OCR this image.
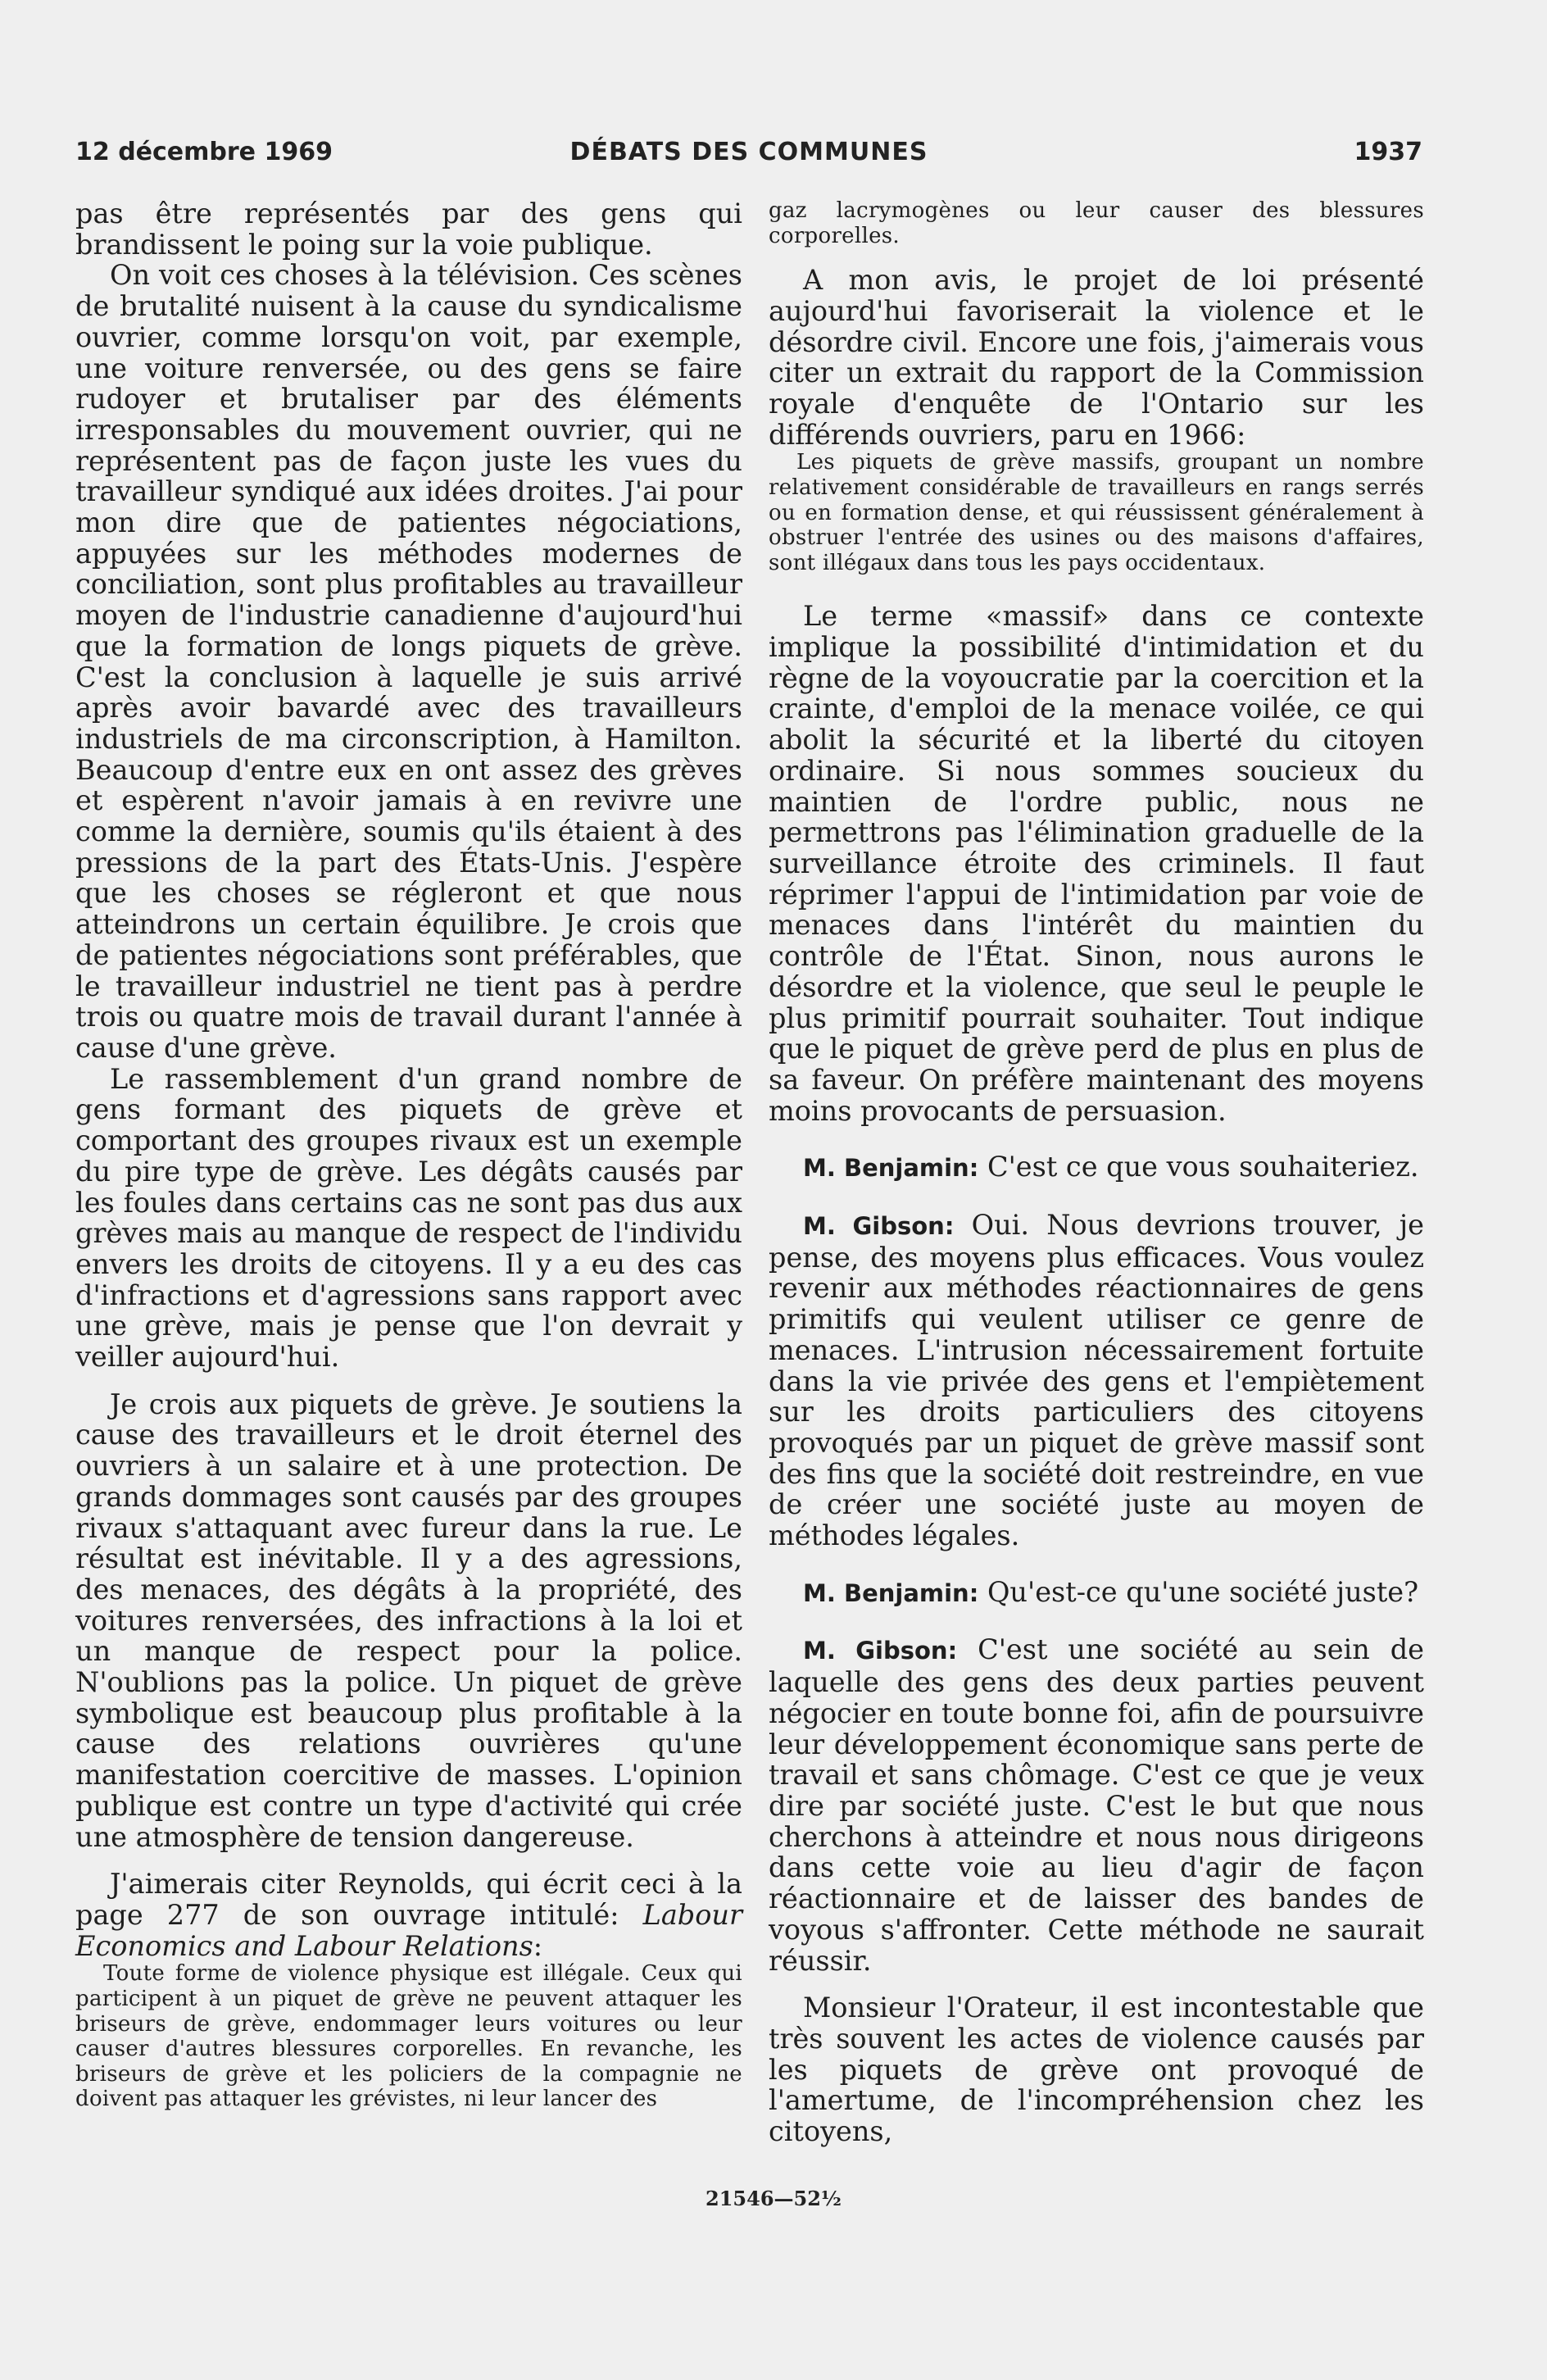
12 décembre 1969	DÉBATS DES COMMUNES	1937

pas être représentés par des gens qui brandissent le poing sur la voie publique.

On voit ces choses à la télévision. Ces scènes de brutalité nuisent à la cause du syndicalisme ouvrier, comme lorsqu'on voit, par exemple, une voiture renversée, ou des gens se faire rudoyer et brutaliser par des éléments irresponsables du mouvement ouvrier, qui ne représentent pas de façon juste les vues du travailleur syndiqué aux idées droites. J'ai pour mon dire que de patientes négociations, appuyées sur les méthodes modernes de conciliation, sont plus profitables au travailleur moyen de l'industrie canadienne d'aujourd'hui que la formation de longs piquets de grève. C'est la conclusion à laquelle je suis arrivé après avoir bavardé avec des travailleurs industriels de ma circonscription, à Hamilton. Beaucoup d'entre eux en ont assez des grèves et espèrent n'avoir jamais à en revivre une comme la dernière, soumis qu'ils étaient à des pressions de la part des États-Unis. J'espère que les choses se régleront et que nous atteindrons un certain équilibre. Je crois que de patientes négociations sont préférables, que le travailleur industriel ne tient pas à perdre trois ou quatre mois de travail durant l'année à cause d'une grève.

Le rassemblement d'un grand nombre de gens formant des piquets de grève et comportant des groupes rivaux est un exemple du pire type de grève. Les dégâts causés par les foules dans certains cas ne sont pas dus aux grèves mais au manque de respect de l'individu envers les droits de citoyens. Il y a eu des cas d'infractions et d'agressions sans rapport avec une grève, mais je pense que l'on devrait y veiller aujourd'hui.

Je crois aux piquets de grève. Je soutiens la cause des travailleurs et le droit éternel des ouvriers à un salaire et à une protection. De grands dommages sont causés par des groupes rivaux s'attaquant avec fureur dans la rue. Le résultat est inévitable. Il y a des agressions, des menaces, des dégâts à la propriété, des voitures renversées, des infractions à la loi et un manque de respect pour la police. N'oublions pas la police. Un piquet de grève symbolique est beaucoup plus profitable à la cause des relations ouvrières qu'une manifestation coercitive de masses. L'opinion publique est contre un type d'activité qui crée une atmosphère de tension dangereuse.

J'aimerais citer Reynolds, qui écrit ceci à la page 277 de son ouvrage intitulé: Labour Economics and Labour Relations:

Toute forme de violence physique est illégale. Ceux qui participent à un piquet de grève ne peuvent attaquer les briseurs de grève, endommager leurs voitures ou leur causer d'autres blessures corporelles. En revanche, les briseurs de grève et les policiers de la compagnie ne doivent pas attaquer les grévistes, ni leur lancer des

gaz lacrymogènes ou leur causer des blessures corporelles.

A mon avis, le projet de loi présenté aujourd'hui favoriserait la violence et le désordre civil. Encore une fois, j'aimerais vous citer un extrait du rapport de la Commission royale d'enquête de l'Ontario sur les différends ouvriers, paru en 1966:

Les piquets de grève massifs, groupant un nombre relativement considérable de travailleurs en rangs serrés ou en formation dense, et qui réussissent généralement à obstruer l'entrée des usines ou des maisons d'affaires, sont illégaux dans tous les pays occidentaux.

Le terme «massif» dans ce contexte implique la possibilité d'intimidation et du règne de la voyoucratie par la coercition et la crainte, d'emploi de la menace voilée, ce qui abolit la sécurité et la liberté du citoyen ordinaire. Si nous sommes soucieux du maintien de l'ordre public, nous ne permettrons pas l'élimination graduelle de la surveillance étroite des criminels. Il faut réprimer l'appui de l'intimidation par voie de menaces dans l'intérêt du maintien du contrôle de l'État. Sinon, nous aurons le désordre et la violence, que seul le peuple le plus primitif pourrait souhaiter. Tout indique que le piquet de grève perd de plus en plus de sa faveur. On préfère maintenant des moyens moins provocants de persuasion.

M. Benjamin: C'est ce que vous souhaiteriez.

M. Gibson: Oui. Nous devrions trouver, je pense, des moyens plus efficaces. Vous voulez revenir aux méthodes réactionnaires de gens primitifs qui veulent utiliser ce genre de menaces. L'intrusion nécessairement fortuite dans la vie privée des gens et l'empiètement sur les droits particuliers des citoyens provoqués par un piquet de grève massif sont des fins que la société doit restreindre, en vue de créer une société juste au moyen de méthodes légales.

M. Benjamin: Qu'est-ce qu'une société juste?

M. Gibson: C'est une société au sein de laquelle des gens des deux parties peuvent négocier en toute bonne foi, afin de poursuivre leur développement économique sans perte de travail et sans chômage. C'est ce que je veux dire par société juste. C'est le but que nous cherchons à atteindre et nous nous dirigeons dans cette voie au lieu d'agir de façon réactionnaire et de laisser des bandes de voyous s'affronter. Cette méthode ne saurait réussir.

Monsieur l'Orateur, il est incontestable que très souvent les actes de violence causés par les piquets de grève ont provoqué de l'amertume, de l'incompréhension chez les citoyens,

21546—52½
